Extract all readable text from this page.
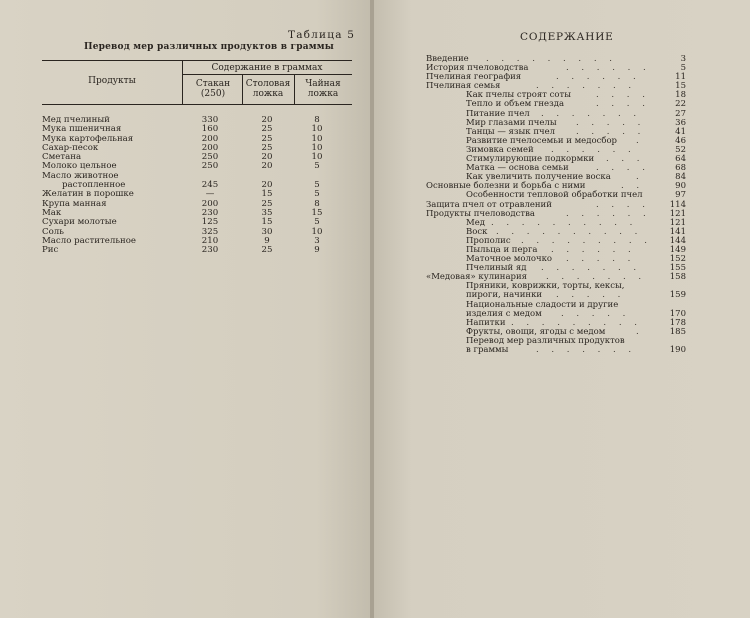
Таблица 5
Перевод мер различных продуктов в граммы
Продукты
Содержание в граммах
Стакан (250)
Столовая ложка
Чайная ложка
Мед пчелиный	330	20	8
Мука пшеничная	160	25	10
Мука картофельная	200	25	10
Сахар-песок	200	25	10
Сметана	250	20	10
Молоко цельное	250	20	5
Масло животное
растопленное	245	20	5
Желатин в порошке	—	15	5
Крупа манная	200	25	8
Мак	230	35	15
Сухари молотые	125	15	5
Соль	325	30	10
Масло растительное	210	9	3
Рис	230	25	9
СОДЕРЖАНИЕ
Введение . . . . . . . . .	3
История пчеловодства	. . . . . .	5
Пчелиная география	. . . . . .	11
Пчелиная семья	. . . . . . .	15
Как пчелы строят соты	. . . .	18
Тепло и объем гнезда	. . . .	22
Питание пчел . . . . . . .	27
Мир глазами пчелы . . . . .	36
Танцы — язык пчел . . . . .	41
Развитие пчелосемьи и медосбор .	46
Зимовка семей . . . . . .	52
Стимулирующие подкормки . . .	64
Матка — основа семьи	. . . .	68
Как увеличить получение воска	.	84
Основные болезни и борьба с ними	. .	90
Особенности тепловой обработки пчел	97
Защита пчел от отравлений	. . . .	114
Продукты пчеловодства	. . . . . .	121
Мед . . . . . . . . . .	121
Воск . . . . . . . . . .	141
Прополис . . . . . . . . .	144
Пыльца и перга . . . . . .	149
Маточное молочко . . . . .	152
Пчелиный яд . . . . . . .	155
«Медовая» кулинария . . . . . . .	158
Пряники, коврижки, торты, кексы,
пироги, начинки . . . . .	159
Национальные сладости и другие
изделия с медом . . . . .	170
Напитки . . . . . . . . .	178
Фрукты, овощи, ягоды с медом	.	185
Перевод мер различных продуктов
в граммы	. . . . . . .	190
